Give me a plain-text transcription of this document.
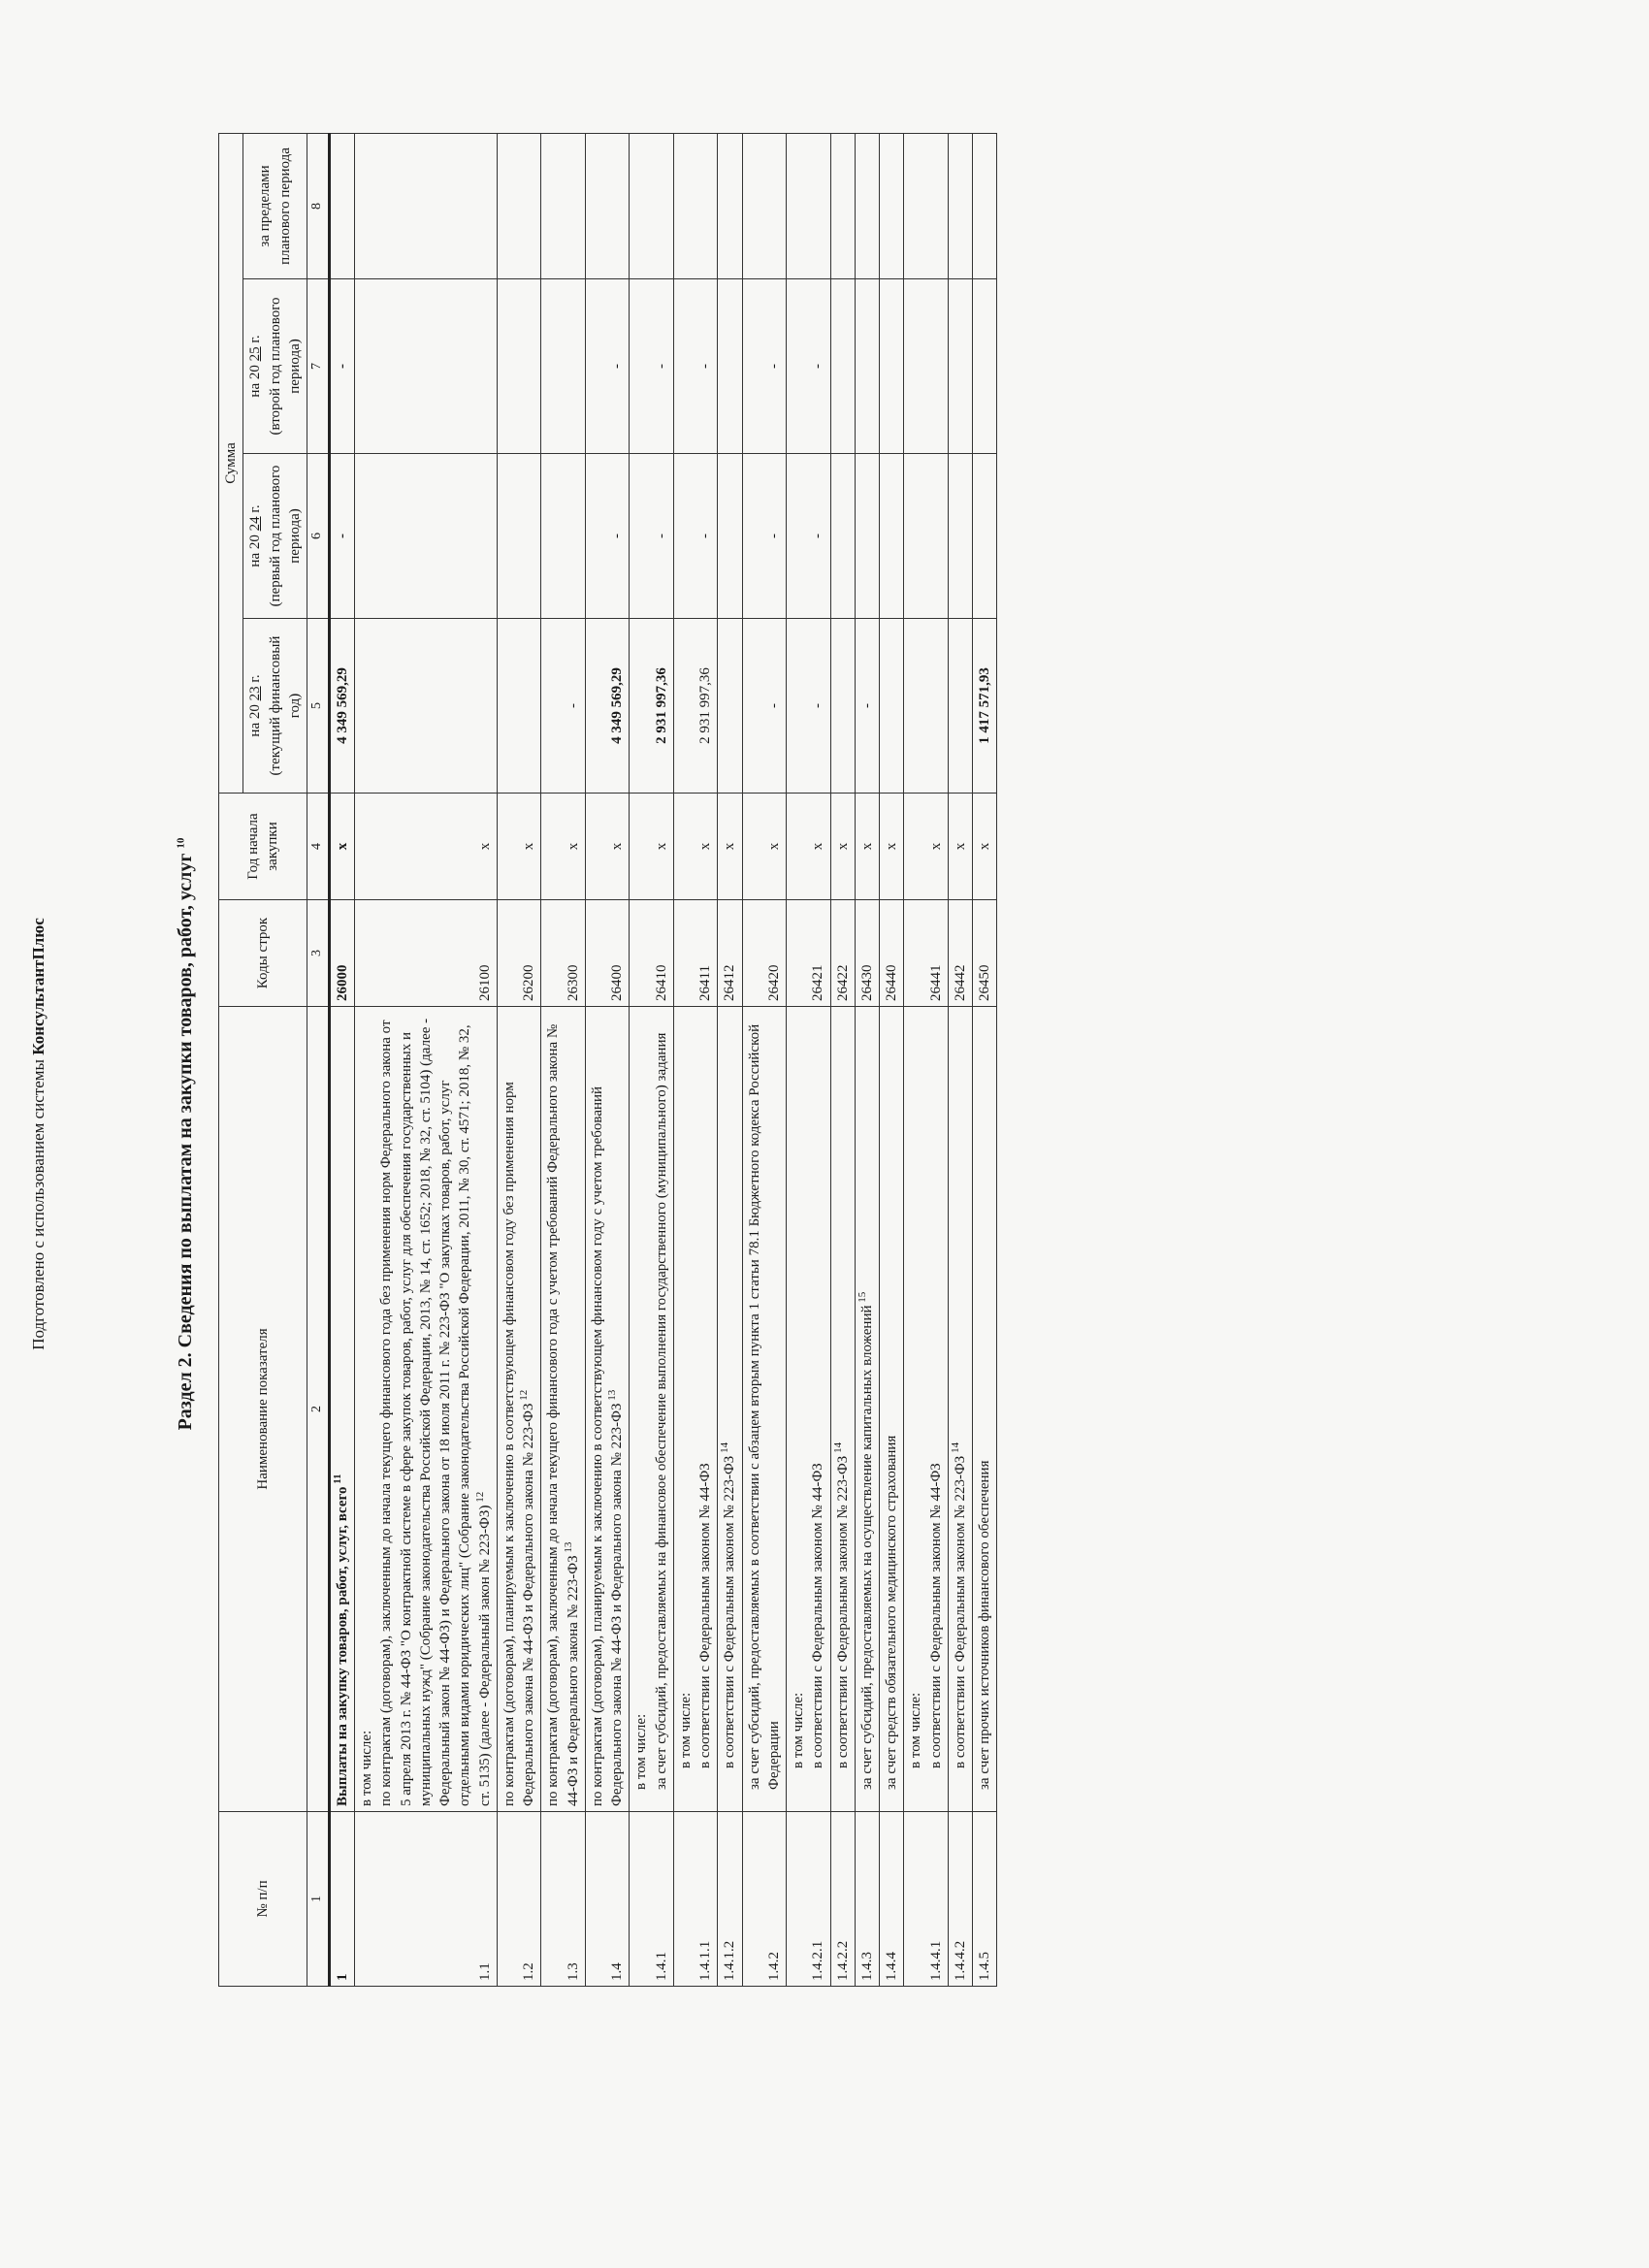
Подготовлено с использованием системы КонсультантПлюс	Раздел 2. Сведения по выплатам на закупки товаров, работ, услуг $^{10}$
№ п/п	Наименование показателя	Коды строк	Год начала закупки	Сумма			
				на 20 23 г. (текущий финансовый год)	на 20 24 г. (первый год планового периода)	на 20 25 г. (второй год планового периода)	за пределами планового периода
1	2	3	4	5	6	7	8
1	Выплаты на закупку товаров, работ, услуг, всего $^{11}$	26000	x	4 349 569,29	-	-	
1.1	в том числе: по контрактам (договорам), заключенным до начала текущего финансового года без применения норм Федерального закона от 5 апреля 2013 г. № 44-ФЗ "О контрактной системе в сфере закупок товаров, работ, услуг для обеспечения государственных и муниципальных нужд" (Собрание законодательства Российской Федерации, 2013, № 14, ст. 1652; 2018, № 32, ст. 5104) (далее - Федеральный закон № 44-ФЗ) и Федерального закона от 18 июля 2011 г. № 223-ФЗ "О закупках товаров, работ, услуг отдельными видами юридических лиц" (Собрание законодательства Российской Федерации, 2011, № 30, ст. 4571; 2018, № 32, ст. 5135) (далее - Федеральный закон № 223-ФЗ) $^{12}$	26100	x				
1.2	по контрактам (договорам), планируемым к заключению в соответствующем финансовом году без применения норм Федерального закона № 44-ФЗ и Федерального закона № 223-ФЗ $^{12}$	26200	x				
1.3	по контрактам (договорам), заключенным до начала текущего финансового года с учетом требований Федерального закона № 44-ФЗ и Федерального закона № 223-ФЗ $^{13}$	26300	x	-			
1.4	по контрактам (договорам), планируемым к заключению в соответствующем финансовом году с учетом требований Федерального закона № 44-ФЗ и Федерального закона № 223-ФЗ $^{13}$	26400	x	4 349 569,29	-	-	
1.4.1	в том числе: за счет субсидий, предоставляемых на финансовое обеспечение выполнения государственного (муниципального) задания	26410	x	2 931 997,36	-	-	
1.4.1.1	в том числе: в соответствии с Федеральным законом № 44-ФЗ	26411	x	2 931 997,36	-	-	
1.4.1.2	в соответствии с Федеральным законом № 223-ФЗ $^{14}$	26412	x				
1.4.2	за счет субсидий, предоставляемых в соответствии с абзацем вторым пункта 1 статьи 78.1 Бюджетного кодекса Российской Федерации	26420	x	-	-	-	
1.4.2.1	в том числе: в соответствии с Федеральным законом № 44-ФЗ	26421	x	-	-	-	
1.4.2.2	в соответствии с Федеральным законом № 223-ФЗ $^{14}$	26422	x				
1.4.3	за счет субсидий, предоставляемых на осуществление капитальных вложений $^{15}$	26430	x	-			
1.4.4	за счет средств обязательного медицинского страхования	26440	x				
1.4.4.1	в том числе: в соответствии с Федеральным законом № 44-ФЗ	26441	x				
1.4.4.2	в соответствии с Федеральным законом № 223-ФЗ $^{14}$	26442	x				
1.4.5	за счет прочих источников финансового обеспечения	26450	x	1 417 571,93			
